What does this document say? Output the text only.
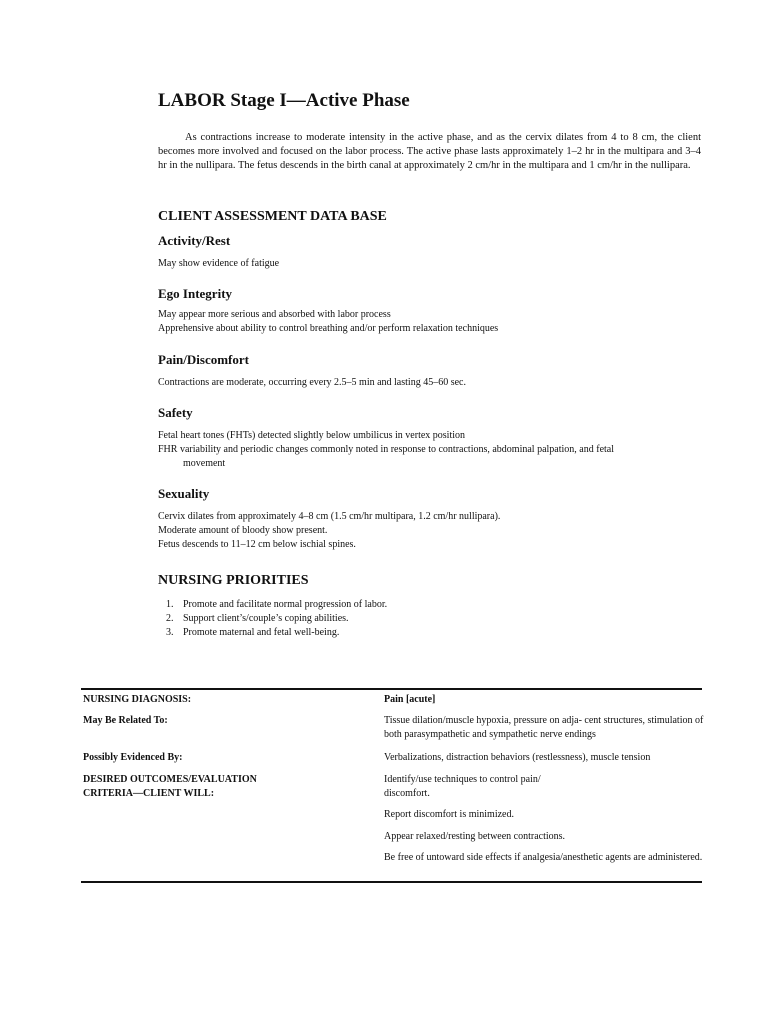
LABOR Stage I—Active Phase

As contractions increase to moderate intensity in the active phase, and as the cervix dilates from 4 to 8 cm, the client becomes more involved and focused on the labor process. The active phase lasts approximately 1–2 hr in the multipara and 3–4 hr in the nullipara. The fetus descends in the birth canal at approximately 2 cm/hr in the multipara and 1 cm/hr in the nullipara.

CLIENT ASSESSMENT DATA BASE
Activity/Rest

May show evidence of fatigue

Ego Integrity

May appear more serious and absorbed with labor process

Apprehensive about ability to control breathing and/or perform relaxation techniques

Pain/Discomfort

Contractions are moderate, occurring every 2.5–5 min and lasting 45–60 sec.

Safety

Fetal heart tones (FHTs) detected slightly below umbilicus in vertex position

FHR variability and periodic changes commonly noted in response to contractions, abdominal palpation, and fetal

movement

Sexuality

Cervix dilates from approximately 4–8 cm (1.5 cm/hr multipara, 1.2 cm/hr nullipara).

Moderate amount of bloody show present.

Fetus descends to 11–12 cm below ischial spines.

NURSING PRIORITIES
1. Promote and facilitate normal progression of labor.
2. Support client’s/couple’s coping abilities.
3. Promote maternal and fetal well-being.

NURSING DIAGNOSIS:	Pain [acute]

May Be Related To:	Tissue dilation/muscle hypoxia, pressure on adja- cent structures, stimulation of both parasympathetic and sympathetic nerve endings

Possibly Evidenced By:	Verbalizations, distraction behaviors (restlessness), muscle tension

DESIRED OUTCOMES/EVALUATION CRITERIA—CLIENT WILL:

Identify/use techniques to control pain/ discomfort.

Report discomfort is minimized.

Appear relaxed/resting between contractions.

Be free of untoward side effects if analgesia/anesthetic agents are administered.
